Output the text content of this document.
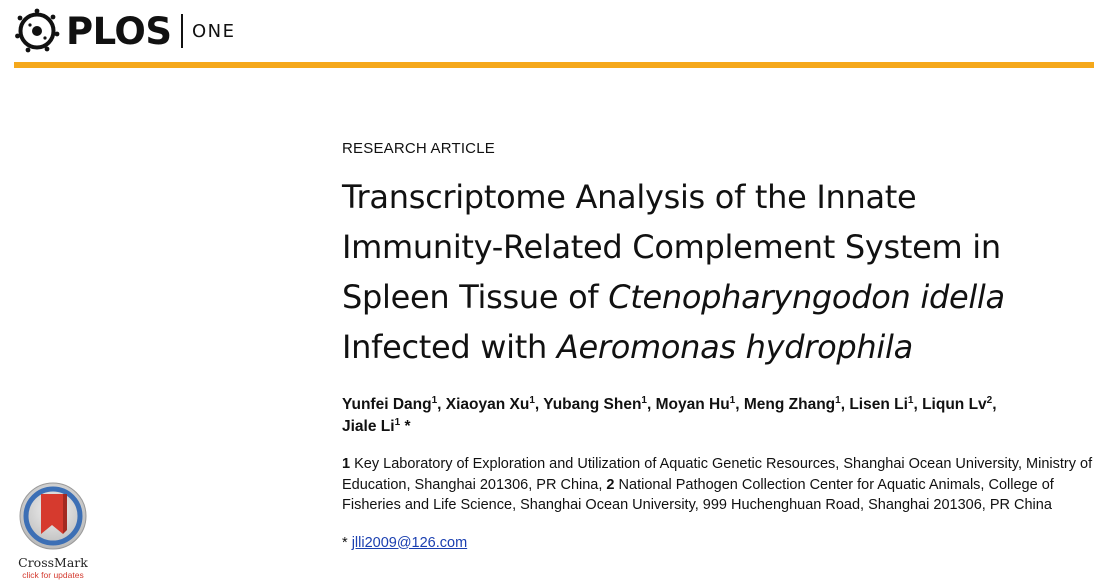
PLOS ONE

RESEARCH ARTICLE

Transcriptome Analysis of the Innate
Immunity-Related Complement System in
Spleen Tissue of Ctenopharyngodon idella
Infected with Aeromonas hydrophila

Yunfei Dang$^1$, Xiaoyan Xu$^1$, Yubang Shen$^1$, Moyan Hu$^1$, Meng Zhang$^1$, Lisen Li$^1$, Liqun Lv$^2$,
Jiale Li$^1$ *

1 Key Laboratory of Exploration and Utilization of Aquatic Genetic Resources, Shanghai Ocean University, Ministry of Education, Shanghai 201306, PR China, 2 National Pathogen Collection Center for Aquatic Animals, College of Fisheries and Life Science, Shanghai Ocean University, 999 Huchenghuan Road, Shanghai 201306, PR China

* jlli2009@126.com

CrossMark
click for updates
